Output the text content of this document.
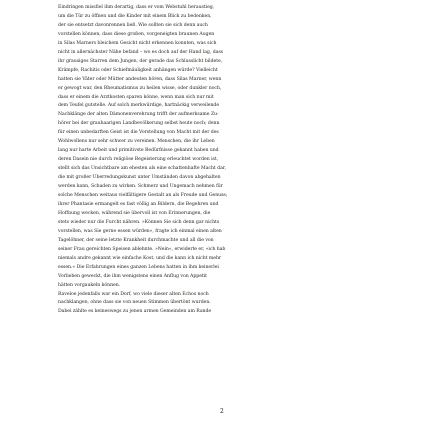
Eindringen missfiel ihm derartig, dass er vom Webstuhl heraustieg,
um die Tür zu öffnen und die Kinder mit einem Blick zu bedenken,
der sie entsetzt davonrennen ließ. Wie sollten sie sich denn auch
vorstellen können, dass diese großen, vorgeneigten braunen Augen
in Silas Marners bleichem Gesicht nicht erkennen konnten, was sich
nicht in allernächster Nähe befand – wo es doch auf der Hand lag, dass
ihr grausiges Starren dem Jungen, der gerade das Schlusslicht bildete,
Krämpfe, Rachitis oder Schiefmäuligkeit anhängen würde? Vielleicht
hatten sie Väter oder Mütter andeuten hören, dass Silas Marner, wenn
er gewogt war, den Rheumatismus zu heilen wisse, oder dunkler noch,
dass er einem die Arztkosten sparen könne, wenn man sich nur mit
dem Teufel gutstelle. Auf solch merkwürdige, hartnäckig verweilende
Nachklänge der alten Dämonenverehrung trifft der aufmerksame Zu-
hörer bei der grauhaarigen Landbevölkerung selbst heute noch; denn
für einen unbedarften Geist ist die Vorstellung von Macht mit der des
Wohlwollens nur sehr schwer zu vereinen. Menschen, die ihr Leben
lang nur harte Arbeit und primitivste Bedürfnisse gekannt haben und
deren Dasein nie durch religiöse Begeisterung erleuchtet worden ist,
stellt sich das Unsichtbare am ehesten als eine schattenhafte Macht dar,
die mit großer Überredungskunst unter Umständen davon abgehalten
werden kann, Schaden zu wirken. Schmerz und Ungemach nehmen für
solche Menschen weitaus vielfältigere Gestalt an als Freude und Genuss;
ihrer Phantasie ermangelt es fast völlig an Bildern, die Begehren und
Hoffnung wecken, während sie übervoll ist von Erinnerungen, die
stets wieder nur die Furcht nähren. »Können Sie sich denn gar nichts
vorstellen, was Sie gerne essen würden«, fragte ich einmal einen alten
Tagelöhner, der seine letzte Krankheit durchmachte und all die von
seiner Frau gereichten Speisen ablehnte. »Nein«, erwiderte er, »ich hab
niemals andre gekannt wie einfache Kost, und die kann ich nicht mehr
essen.« Die Erfahrungen eines ganzen Lebens hatten in ihm keinerlei
Vorlieben geweckt, die ihm wenigstens einen Anflug von Appetit
hätten vorgaukeln können.
Raveloe jedenfalls war ein Dorf, wo viele dieser alten Echos noch
nachklangen, ohne dass sie von neuen Stimmen übertönt wurden.
Dabei zählte es keineswegs zu jenen armen Gemeinden am Rande
2
